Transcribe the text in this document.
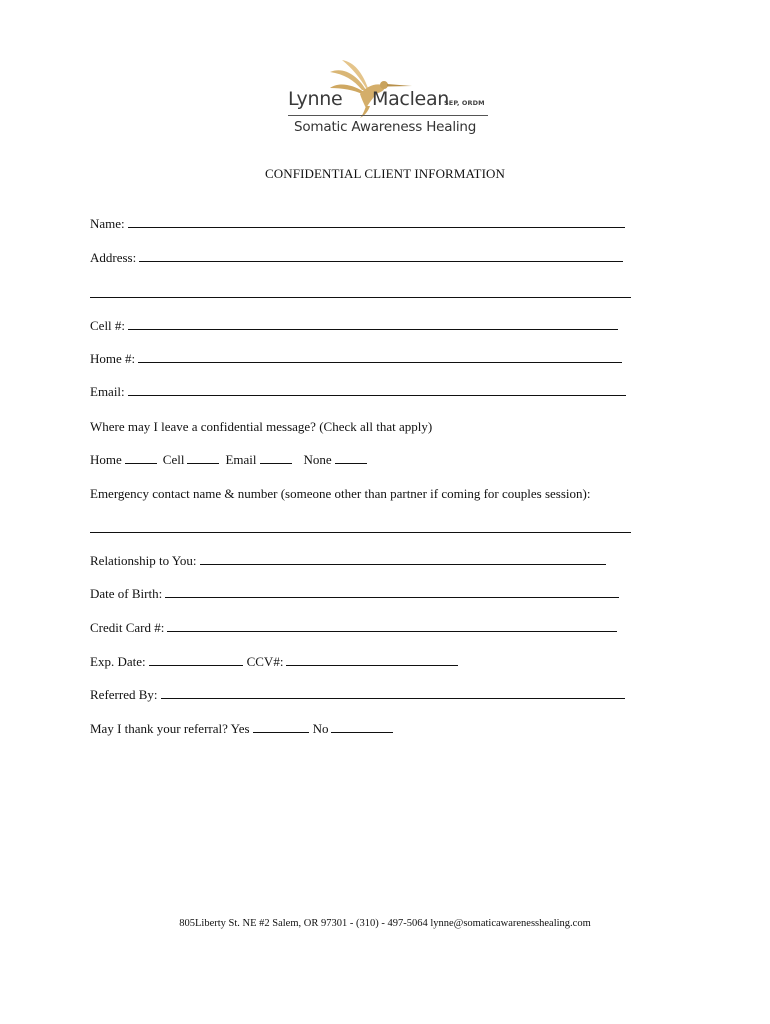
Lynne Maclean
SEP, ORDM
Somatic Awareness Healing
CONFIDENTIAL CLIENT INFORMATION
Name:
Address:
Cell #:
Home #:
Email:
Where may I leave a confidential message? (Check all that apply)
Home	Cell	Email	None
Emergency contact name & number (someone other than partner if coming for couples session):
Relationship to You:
Date of Birth:
Credit Card #:
Exp. Date:	CCV#:
Referred By:
May I thank your referral? Yes	No
805Liberty St. NE #2 Salem, OR 97301 - (310) - 497-5064 lynne@somaticawarenesshealing.com
